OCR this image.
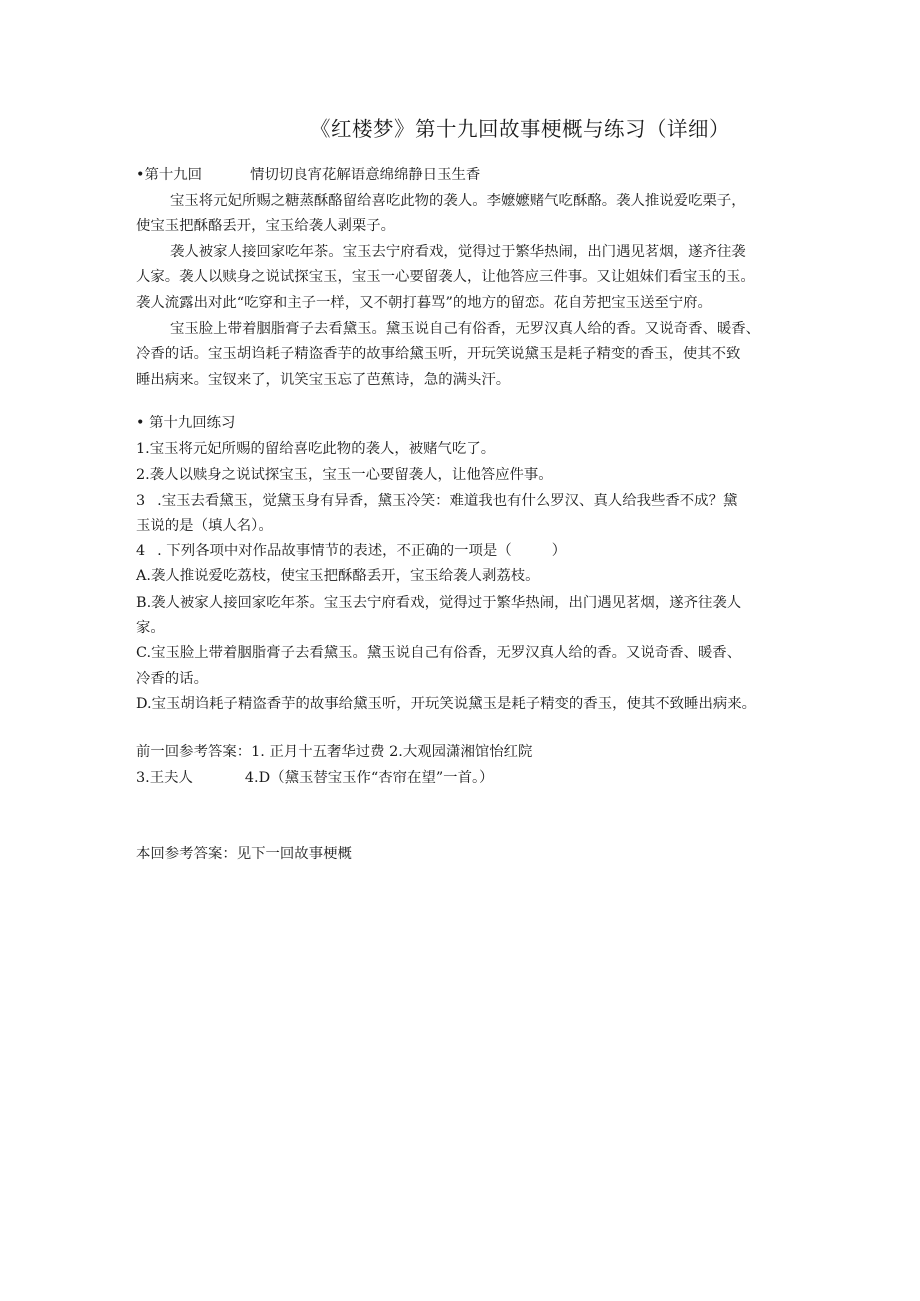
《红楼梦》第十九回故事梗概与练习（详细）
•第十九回	情切切良宵花解语意绵绵静日玉生香
宝玉将元妃所赐之糖蒸酥酪留给喜吃此物的袭人。李嬷嬷赌气吃酥酪。袭人推说爱吃栗子，
使宝玉把酥酪丢开，宝玉给袭人剥栗子。
袭人被家人接回家吃年茶。宝玉去宁府看戏，觉得过于繁华热闹，出门遇见茗烟，遂齐往袭
人家。袭人以赎身之说试探宝玉，宝玉一心要留袭人，让他答应三件事。又让姐妹们看宝玉的玉。
袭人流露出对此“吃穿和主子一样，又不朝打暮骂”的地方的留恋。花自芳把宝玉送至宁府。
宝玉脸上带着胭脂膏子去看黛玉。黛玉说自己有俗香，无罗汉真人给的香。又说奇香、暖香、
冷香的话。宝玉胡诌耗子精盗香芋的故事给黛玉听，开玩笑说黛玉是耗子精变的香玉，使其不致
睡出病来。宝钗来了，讥笑宝玉忘了芭蕉诗，急的满头汗。
• 第十九回练习
1.宝玉将元妃所赐的留给喜吃此物的袭人，被赌气吃了。
2.袭人以赎身之说试探宝玉，宝玉一心要留袭人，让他答应件事。
3 .宝玉去看黛玉，觉黛玉身有异香，黛玉冷笑：难道我也有什么罗汉、真人给我些香不成？黛
玉说的是（填人名）。
4 . 下列各项中对作品故事情节的表述，不正确的一项是（	）
A.袭人推说爱吃荔枝，使宝玉把酥酪丢开，宝玉给袭人剥荔枝。
B.袭人被家人接回家吃年茶。宝玉去宁府看戏，觉得过于繁华热闹，出门遇见茗烟，遂齐往袭人
家。
C.宝玉脸上带着胭脂膏子去看黛玉。黛玉说自己有俗香，无罗汉真人给的香。又说奇香、暖香、
冷香的话。
D.宝玉胡诌耗子精盗香芋的故事给黛玉听，开玩笑说黛玉是耗子精变的香玉，使其不致睡出病来。
前一回参考答案：1. 正月十五奢华过费 2.大观园潇湘馆怡红院
3.王夫人	4.D（黛玉替宝玉作“杏帘在望”一首。）
本回参考答案：见下一回故事梗概
